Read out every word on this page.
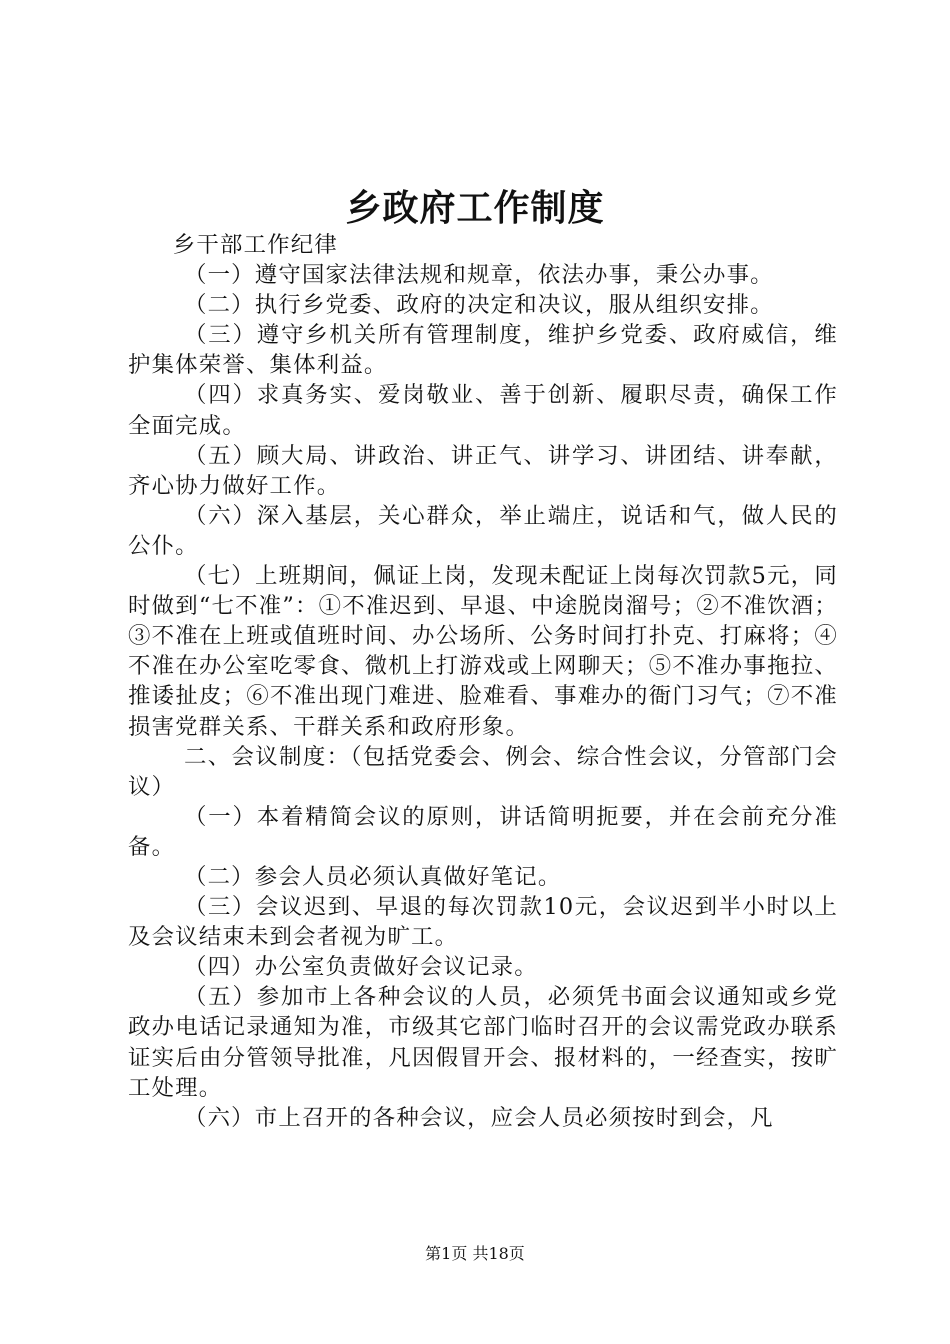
乡政府工作制度

乡干部工作纪律

（一）遵守国家法律法规和规章，依法办事，秉公办事。

（二）执行乡党委、政府的决定和决议，服从组织安排。

（三）遵守乡机关所有管理制度，维护乡党委、政府威信，维护集体荣誉、集体利益。

（四）求真务实、爱岗敬业、善于创新、履职尽责，确保工作全面完成。

（五）顾大局、讲政治、讲正气、讲学习、讲团结、讲奉献，齐心协力做好工作。

（六）深入基层，关心群众，举止端庄，说话和气，做人民的公仆。

（七）上班期间，佩证上岗，发现未配证上岗每次罚款5元，同时做到“七不准”：①不准迟到、早退、中途脱岗溜号；②不准饮酒；③不准在上班或值班时间、办公场所、公务时间打扑克、打麻将；④不准在办公室吃零食、微机上打游戏或上网聊天；⑤不准办事拖拉、推诿扯皮；⑥不准出现门难进、脸难看、事难办的衙门习气；⑦不准损害党群关系、干群关系和政府形象。

二、会议制度：（包括党委会、例会、综合性会议，分管部门会议）

（一）本着精简会议的原则，讲话简明扼要，并在会前充分准备。

（二）参会人员必须认真做好笔记。

（三）会议迟到、早退的每次罚款10元，会议迟到半小时以上及会议结束未到会者视为旷工。

（四）办公室负责做好会议记录。

（五）参加市上各种会议的人员，必须凭书面会议通知或乡党政办电话记录通知为准，市级其它部门临时召开的会议需党政办联系证实后由分管领导批准，凡因假冒开会、报材料的，一经查实，按旷工处理。

（六）市上召开的各种会议，应会人员必须按时到会，凡

第1页 共18页
